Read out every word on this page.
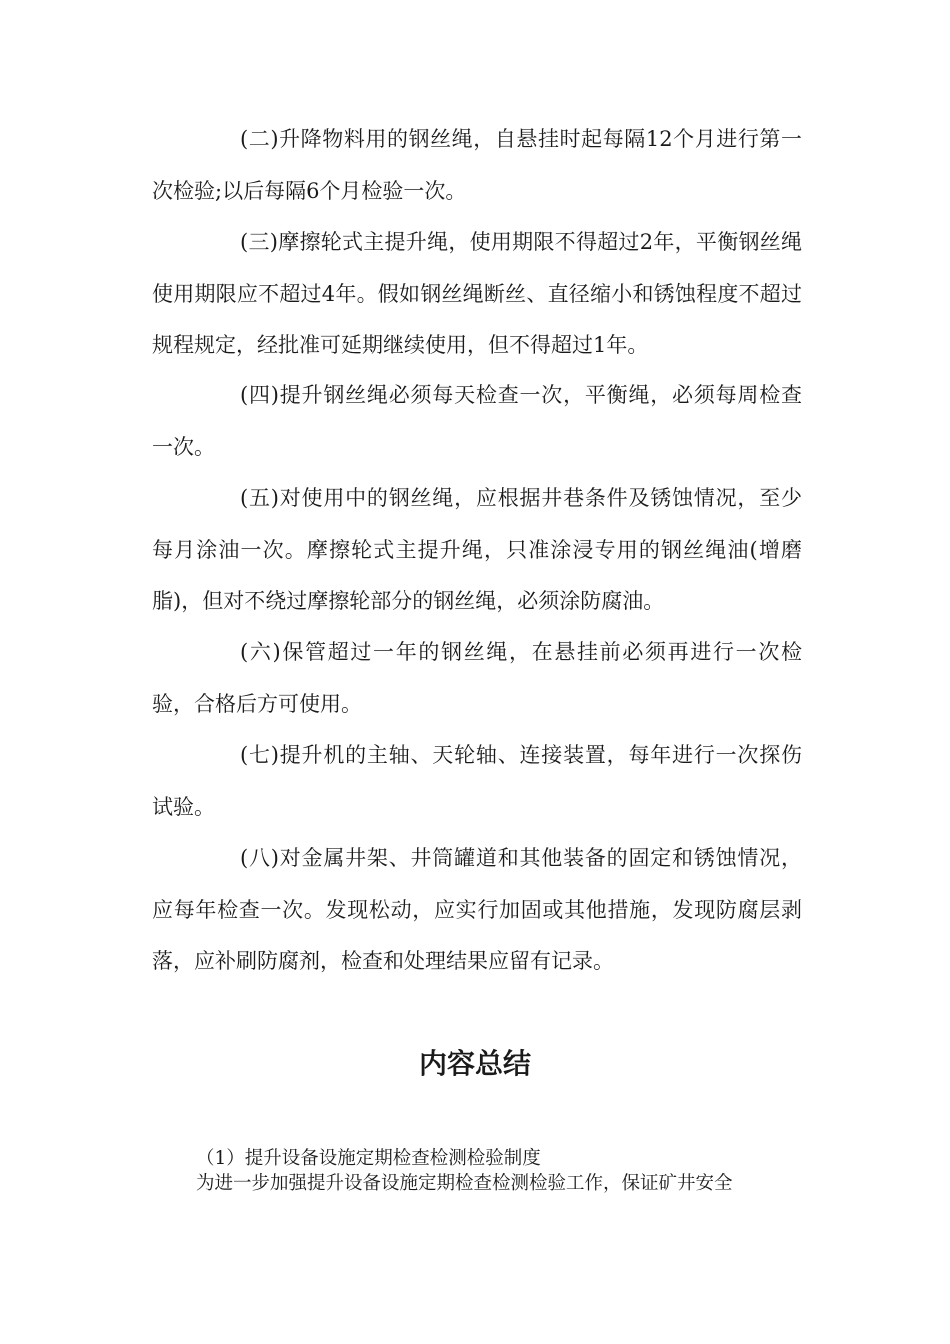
(二)升降物料用的钢丝绳，自悬挂时起每隔12个月进行第一次检验;以后每隔6个月检验一次。

(三)摩擦轮式主提升绳，使用期限不得超过2年，平衡钢丝绳使用期限应不超过4年。假如钢丝绳断丝、直径缩小和锈蚀程度不超过规程规定，经批准可延期继续使用，但不得超过1年。

(四)提升钢丝绳必须每天检查一次，平衡绳，必须每周检查一次。

(五)对使用中的钢丝绳，应根据井巷条件及锈蚀情况，至少每月涂油一次。摩擦轮式主提升绳，只准涂浸专用的钢丝绳油(增磨脂)，但对不绕过摩擦轮部分的钢丝绳，必须涂防腐油。

(六)保管超过一年的钢丝绳，在悬挂前必须再进行一次检验，合格后方可使用。

(七)提升机的主轴、天轮轴、连接装置，每年进行一次探伤试验。

(八)对金属井架、井筒罐道和其他装备的固定和锈蚀情况，应每年检查一次。发现松动，应实行加固或其他措施，发现防腐层剥落，应补刷防腐剂，检查和处理结果应留有记录。

内容总结

（1）提升设备设施定期检查检测检验制度

为进一步加强提升设备设施定期检查检测检验工作，保证矿井安全
